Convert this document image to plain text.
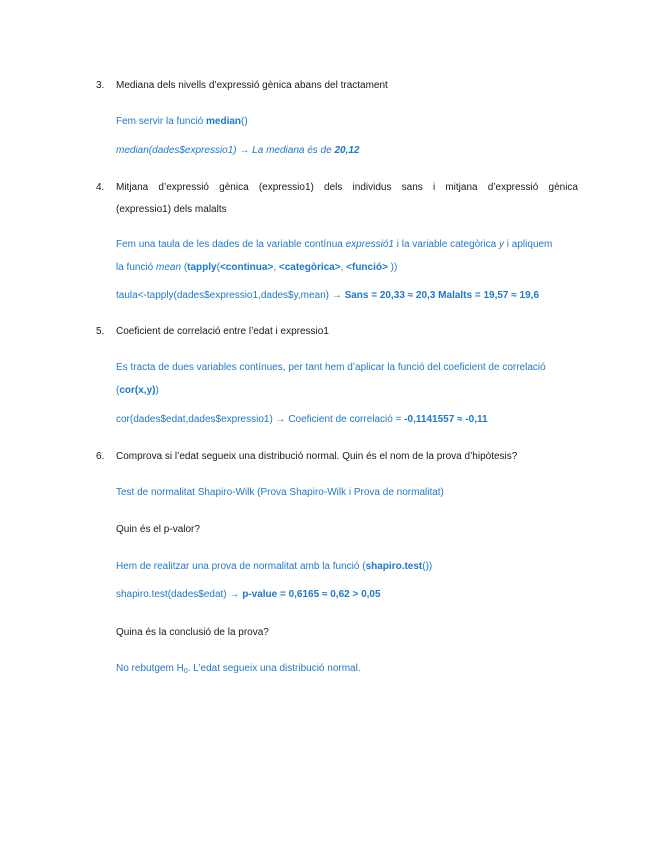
3. Mediana dels nivells d’expressió gènica abans del tractament
Fem servir la funció median()
median(dades$expressio1) → La mediana és de 20,12
4. Mitjana d’expressió gènica (expressio1) dels individus sans i mitjana d’expressió gènica
(expressio1) dels malalts
Fem una taula de les dades de la variable contínua expressió1 i la variable categòrica y i apliquem
la funció mean (tapply(<continua>, <categòrica>, <funció> ))
taula<-tapply(dades$expressio1,dades$y,mean) → Sans = 20,33 ≈ 20,3 Malalts = 19,57 ≈ 19,6
5. Coeficient de correlació entre l’edat i expressio1
Es tracta de dues variables contínues, per tant hem d’aplicar la funció del coeficient de correlació
(cor(x,y))
cor(dades$edat,dades$expressio1) → Coeficient de correlació = -0,1141557 ≈ -0,11
6. Comprova si l’edat segueix una distribució normal. Quin és el nom de la prova d’hipòtesis?
Test de normalitat Shapiro-Wilk (Prova Shapiro-Wilk i Prova de normalitat)
Quin és el p-valor?
Hem de realitzar una prova de normalitat amb la funció (shapiro.test())
shapiro.test(dades$edat) → p-value = 0,6165 ≈ 0,62 > 0,05
Quina és la conclusió de la prova?
No rebutgem $H_0$. L’edat segueix una distribució normal.
